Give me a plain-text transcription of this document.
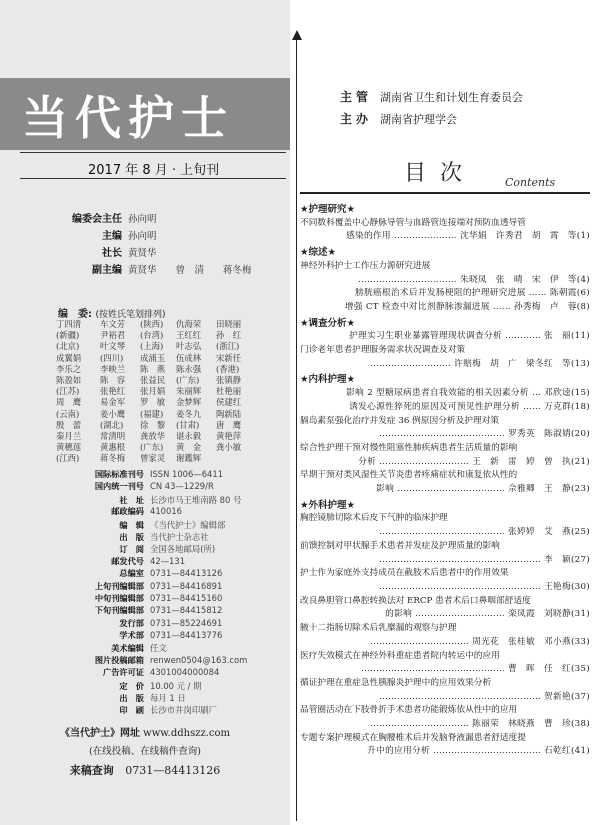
当代护士
2017 年 8 月 · 上旬刊
编委会主任 孙向明
主编 孙向明
社长 黄贤华
副主编 黄贤华　　曾　清　　蒋冬梅
编　委: (按姓氏笔划排列)
丁四清 车文芳 (陕西) 仇海荣 田晓丽
(新疆) 尹裕君 (台湾) 王红红 孙　红
(北京) 叶文琴 (上海) 叶志弘 (浙江)
成翼娟 (四川) 成涌玉 伍成林 宋新任
李乐之 李映兰 陈　燕 陈永强 (香港)
陈盈如 陈　容 张益民 (广东) 张镇静
(江苏) 张艳红 张月娟 朱丽辉 杜艳丽
周　鹰 易金军 罗　敏 金梦辉 侯建红
(云南) 姜小鹰 (福建) 姜冬九 陶新陆
殷　蕾 (湖北) 徐　黎 (甘肃) 唐　鹰
秦月兰 常清明 龚放华 谌永毅 黄艳萍
黄穗莲 黄惠根 (广东) 黄　金 龚小敏
(江西) 蒋冬梅 曾家灵 谢鑑辉
国际标准刊号 ISSN 1006—6411
国内统一刊号 CN 43—1229/R
社　址 长沙市马王堆南路 80 号
邮政编码 410016
编　辑 《当代护士》编辑部
出　版 当代护士杂志社
订　阅 全国各地邮局(所)
邮发代号 42—131
总编室 0731—84413126
上旬刊编辑部 0731—84416891
中旬刊编辑部 0731—84415160
下旬刊编辑部 0731—84415812
发行部 0731—85224691
学术部 0731—84413776
美术编辑 任文
图片投稿邮箱 renwen0504@163.com
广告许可证 4301004000084
定　价 10.00 元 / 期
出　版 每月 1 日
印　刷 长沙市井岗印刷厂
《当代护士》网址 www.ddhszz.com
(在线投稿、在线稿件查询)
来稿查询 0731—84413126
主管 湖南省卫生和计划生育委员会
主办 湖南省护理学会
目次	Contents
★护理研究★
不同数科覆盖中心静脉导管与血路管连接端对预防血透导管
感染的作用 ………………… 沈华娟　许秀君　胡　霄　等(1)
★综述★
神经外科护士工作压力源研究进展
…………………………… 朱晓凤　张　晴　宋　伊　等(4)
膀胱癌根治术后并发肠梗阻的护理研究进展 …… 陈朝霞(6)
增强 CT 检查中对比剂静脉渗漏进展 …… 孙秀梅　卢　蓉(8)
★调查分析★
护理实习生职业暴露管理现状调查分析 ………… 张　丽(11)
门诊老年患者护理服务需求状况调查及对策
……………………… 许赔梅　胡　广　梁冬红　等(13)
★内科护理★
影响 2 型糖尿病患者自我效能的相关因素分析 … 邓欣逵(15)
诱发心源性猝死的原因及可预见性护理分析 …… 万克群(18)
膈岛素泵强化治疗并发症 36 例原因分析及护理对策
…………………………………… 罗秀英　陈淑婧(20)
综合性护理干预对慢性阻塞性肺疾病患者生活质量的影响
分析 ………………………… 王　新　雷　婷　曾　执(21)
早期干预对类风湿性关节炎患者疼痛症状和康复依从性的
影响 ……………………………… 佘雅卿　王　静(23)
★外科护理★
胸腔镜肺切除术后皮下气肿的临床护理
…………………………………… 张婷婷　艾　燕(25)
前馈控制对甲状腺手术患者并发症及护理质量的影响
……………………………………………… 李　颖(27)
护士作为家庭外支持成员在截肢术后患者中的作用效果
……………………………………………… 王艳梅(30)
改良鼻胆管口鼻腔转换法对 ERCP 患者术后口鼻咽部舒适度
的影响 ………………………… 栾凤霞　刘晓静(31)
腋十二指肠切除术后乳糜漏的观察与护理
…………………………… 周光花　张桂敏　邓小燕(33)
医疗失效模式在神经外科重症患者院内转运中的应用
………………………………………… 曹　晖　任　红(35)
循证护理在重症急性胰腺炎护理中的应用效果分析
……………………………………………… 贺新艳(37)
品管圈活动在下肢骨折手术患者功能锻炼依从性中的应用
…………………………… 陈丽荣　林晓燕　曹　珍(38)
专题专案护理模式在胸腰椎术后并发脑脊液漏患者舒适度提
升中的应用分析 ……………………………… 石乾红(41)
